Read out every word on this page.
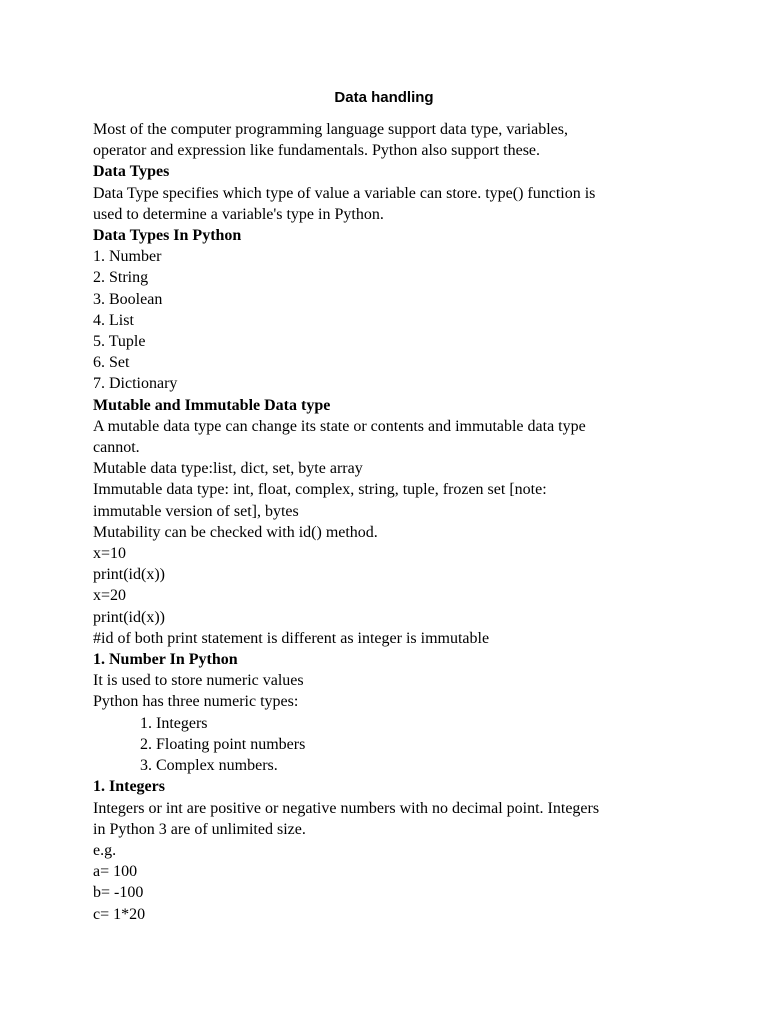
Data handling
Most of the computer programming language support data type, variables,
operator and expression like fundamentals. Python also support these.
Data Types
Data Type specifies which type of value a variable can store. type() function is
used to determine a variable's type in Python.
Data Types In Python
1. Number
2. String
3. Boolean
4. List
5. Tuple
6. Set
7. Dictionary
Mutable and Immutable Data type
A mutable data type can change its state or contents and immutable data type
cannot.
Mutable data type:list, dict, set, byte array
Immutable data type: int, float, complex, string, tuple, frozen set [note:
immutable version of set], bytes
Mutability can be checked with id() method.
x=10
print(id(x))
x=20
print(id(x))
#id of both print statement is different as integer is immutable
1. Number In Python
It is used to store numeric values
Python has three numeric types:
1. Integers
2. Floating point numbers
3. Complex numbers.
1. Integers
Integers or int are positive or negative numbers with no decimal point. Integers
in Python 3 are of unlimited size.
e.g.
a= 100
b= -100
c= 1*20
